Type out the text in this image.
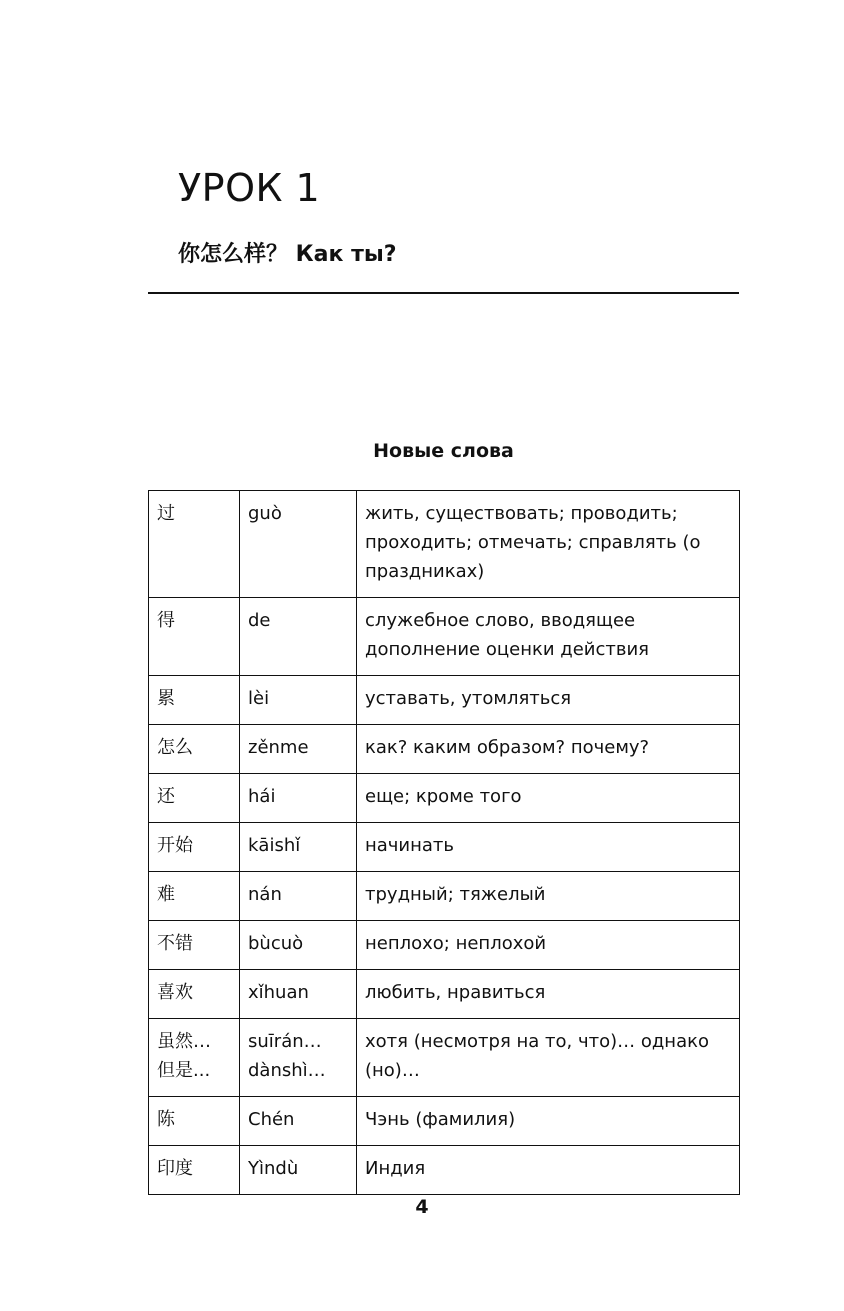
УРОК 1
你怎么样？ Как ты?
Новые слова
过	guò	жить, существовать; проводить; проходить; отмечать; справлять (о праздниках)
得	de	служебное слово, вводящее дополнение оценки действия
累	lèi	уставать, утомляться
怎么	zěnme	как? каким образом? почему?
还	hái	еще; кроме того
开始	kāishǐ	начинать
难	nán	трудный; тяжелый
不错	bùcuò	неплохо; неплохой
喜欢	xǐhuan	любить, нравиться
虽然… 但是...	suīrán… dànshì…	хотя (несмотря на то, что)… однако (но)…
陈	Chén	Чэнь (фамилия)
印度	Yìndù	Индия
4
